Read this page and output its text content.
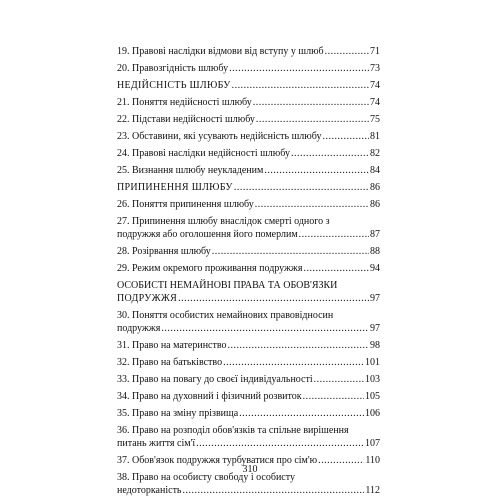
19. Правові наслідки відмови від вступу у шлюб .....	71
20. Правозгідність шлюбу .....	73
НЕДІЙСНІСТЬ ШЛЮБУ .....	74
21. Поняття недійсності шлюбу .....	74
22. Підстави недійсності шлюбу .....	75
23. Обставини, які усувають недійсність шлюбу .....	81
24. Правові наслідки недійсності шлюбу .....	82
25. Визнання шлюбу неукладеним .....	84
ПРИПИНЕННЯ ШЛЮБУ .....	86
26. Поняття припинення шлюбу .....	86
27. Припинення шлюбу внаслідок смерті одного з
подружжя або оголошення його померлим .....	87
28. Розірвання шлюбу .....	88
29. Режим окремого проживання подружжя .....	94
ОСОБИСТІ НЕМАЙНОВІ ПРАВА ТА ОБОВ'ЯЗКИ
ПОДРУЖЖЯ .....	97
30. Поняття особистих немайнових правовідносин
подружжя .....	97
31. Право на материнство .....	98
32. Право на батьківство .....	101
33. Право на повагу до своєї індивідуальності .....	103
34. Право на духовний і фізичний розвиток .....	105
35. Право на зміну прізвища .....	106
36. Право на розподіл обов'язків та спільне вирішення
питань життя сім'ї .....	107
37. Обов'язок подружжя турбуватися про сім'ю .....	110
38. Право на особисту свободу і особисту
недоторканість .....	112
310
